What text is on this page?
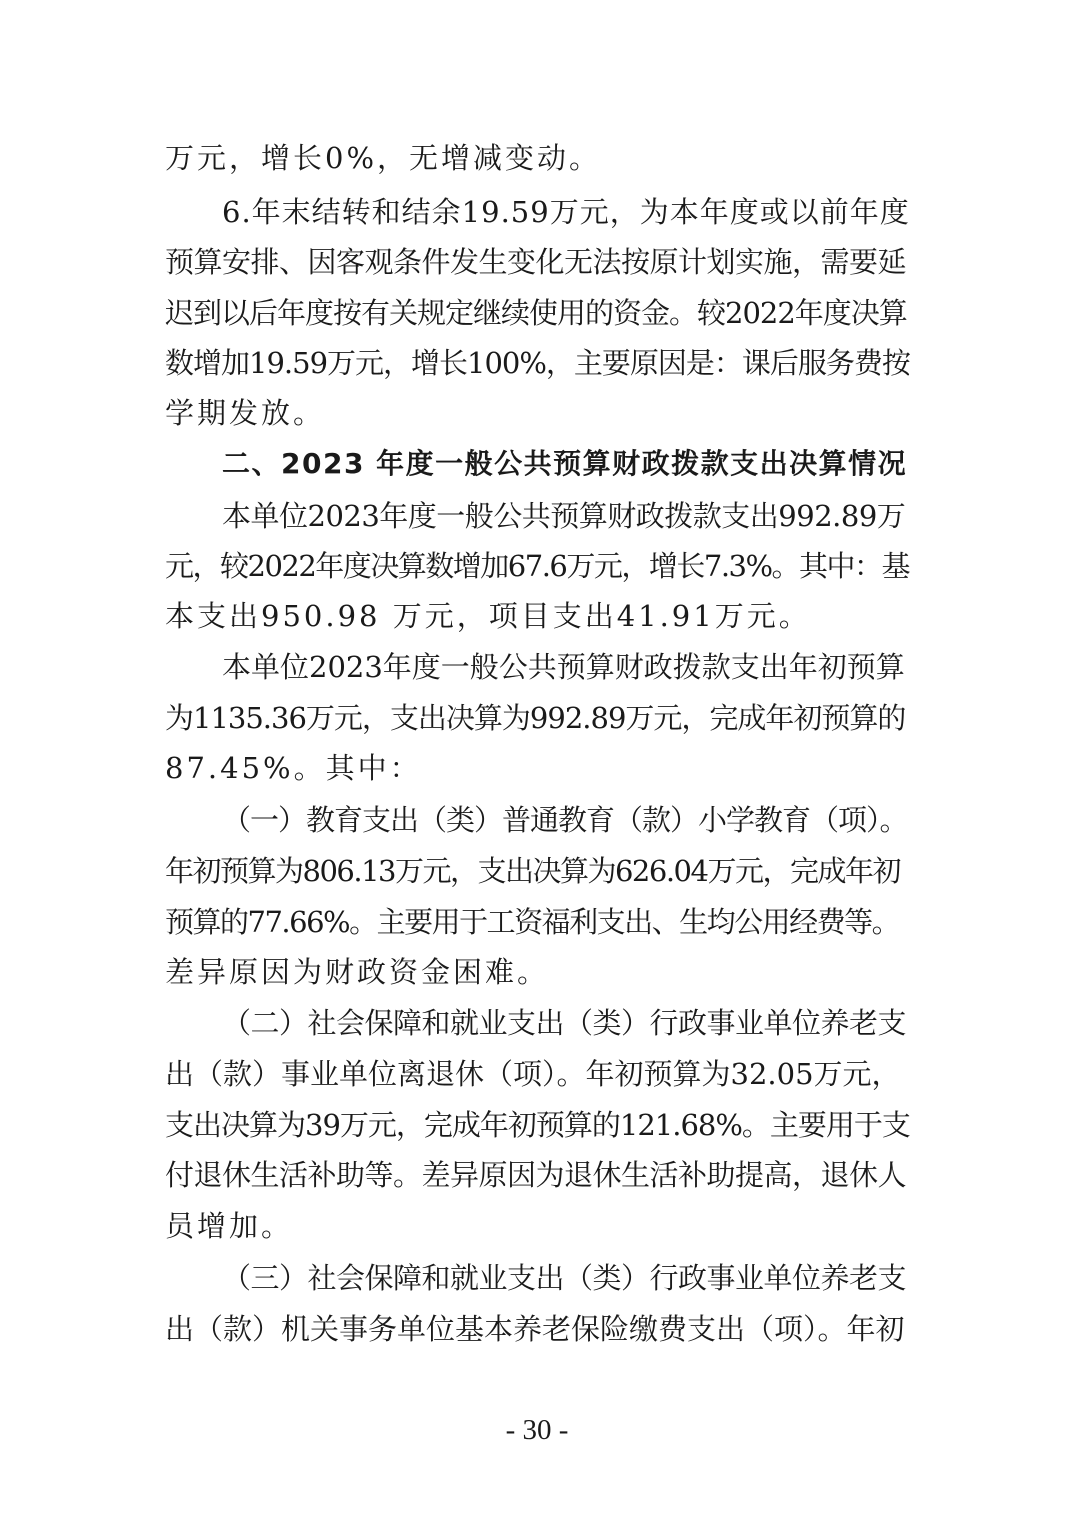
万元，增长0%，无增减变动。
6.年末结转和结余19.59万元，为本年度或以前年度
预算安排、因客观条件发生变化无法按原计划实施，需要延
迟到以后年度按有关规定继续使用的资金。较2022年度决算
数增加19.59万元，增长100%，主要原因是：课后服务费按
学期发放。
二、2023 年度一般公共预算财政拨款支出决算情况
本单位2023年度一般公共预算财政拨款支出992.89万
元，较2022年度决算数增加67.6万元，增长7.3%。其中：基
本支出950.98 万元，项目支出41.91万元。
本单位2023年度一般公共预算财政拨款支出年初预算
为1135.36万元，支出决算为992.89万元，完成年初预算的
87.45%。其中：
（一）教育支出（类）普通教育（款）小学教育（项）。
年初预算为806.13万元，支出决算为626.04万元，完成年初
预算的77.66%。主要用于工资福利支出、生均公用经费等。
差异原因为财政资金困难。
（二）社会保障和就业支出（类）行政事业单位养老支
出（款）事业单位离退休（项）。年初预算为32.05万元，
支出决算为39万元，完成年初预算的121.68%。主要用于支
付退休生活补助等。差异原因为退休生活补助提高，退休人
员增加。
（三）社会保障和就业支出（类）行政事业单位养老支
出（款）机关事务单位基本养老保险缴费支出（项）。年初
- 30 -
